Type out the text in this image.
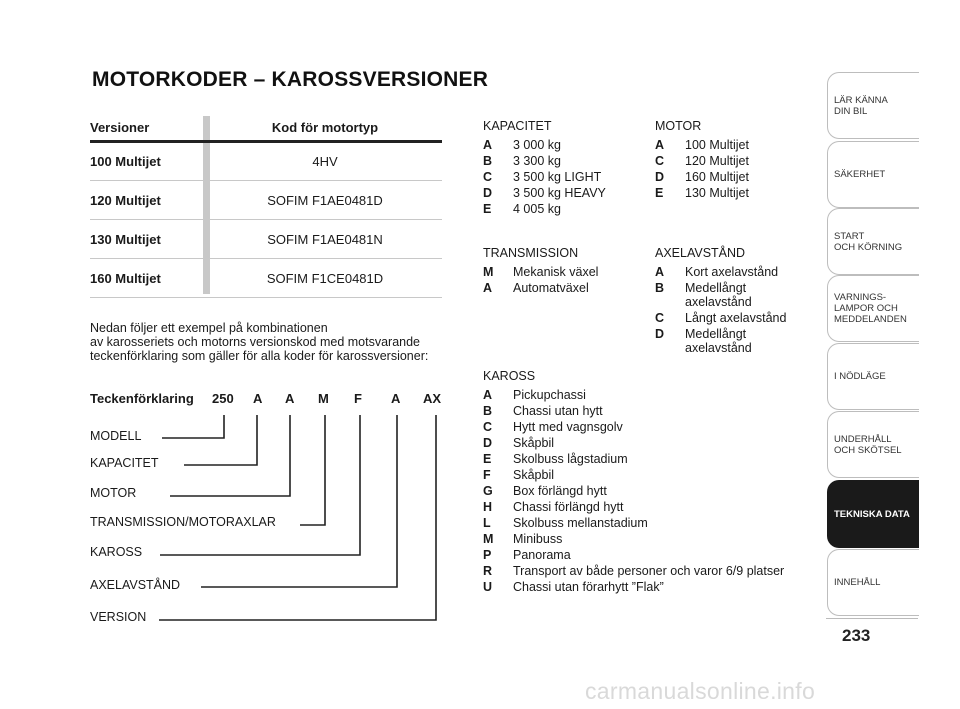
MOTORKODER – KAROSSVERSIONER
Versioner	Kod för motortyp
100 Multijet	4HV
120 Multijet	SOFIM F1AE0481D
130 Multijet	SOFIM F1AE0481N
160 Multijet	SOFIM F1CE0481D

Nedan följer ett exempel på kombinationen
av karosseriets och motorns versionskod med motsvarande
teckenförklaring som gäller för alla koder för karossversioner:

Teckenförklaring 250 A A M F A AX
MODELL
KAPACITET
MOTOR
TRANSMISSION/MOTORAXLAR
KAROSS
AXELAVSTÅND
VERSION
KAPACITET
A 3 000 kg
B 3 300 kg
C 3 500 kg LIGHT
D 3 500 kg HEAVY
E 4 005 kg
MOTOR
A 100 Multijet
C 120 Multijet
D 160 Multijet
E 130 Multijet
TRANSMISSION
M Mekanisk växel
A Automatväxel
AXELAVSTÅND
A Kort axelavstånd
B Medellångt axelavstånd
C Långt axelavstånd
D Medellångt axelavstånd
KAROSS
A Pickupchassi
B Chassi utan hytt
C Hytt med vagnsgolv
D Skåpbil
E Skolbuss lågstadium
F Skåpbil
G Box förlängd hytt
H Chassi förlängd hytt
L Skolbuss mellanstadium
M Minibuss
P Panorama
R Transport av både personer och varor 6/9 platser
U Chassi utan förarhytt ”Flak”
LÄR KÄNNA
DIN BIL
SÄKERHET
START
OCH KÖRNING
VARNINGS-
LAMPOR OCH
MEDDELANDEN
I NÖDLÄGE
UNDERHÅLL
OCH SKÖTSEL
TEKNISKA DATA
INNEHÅLL
233
carmanualsonline.info
